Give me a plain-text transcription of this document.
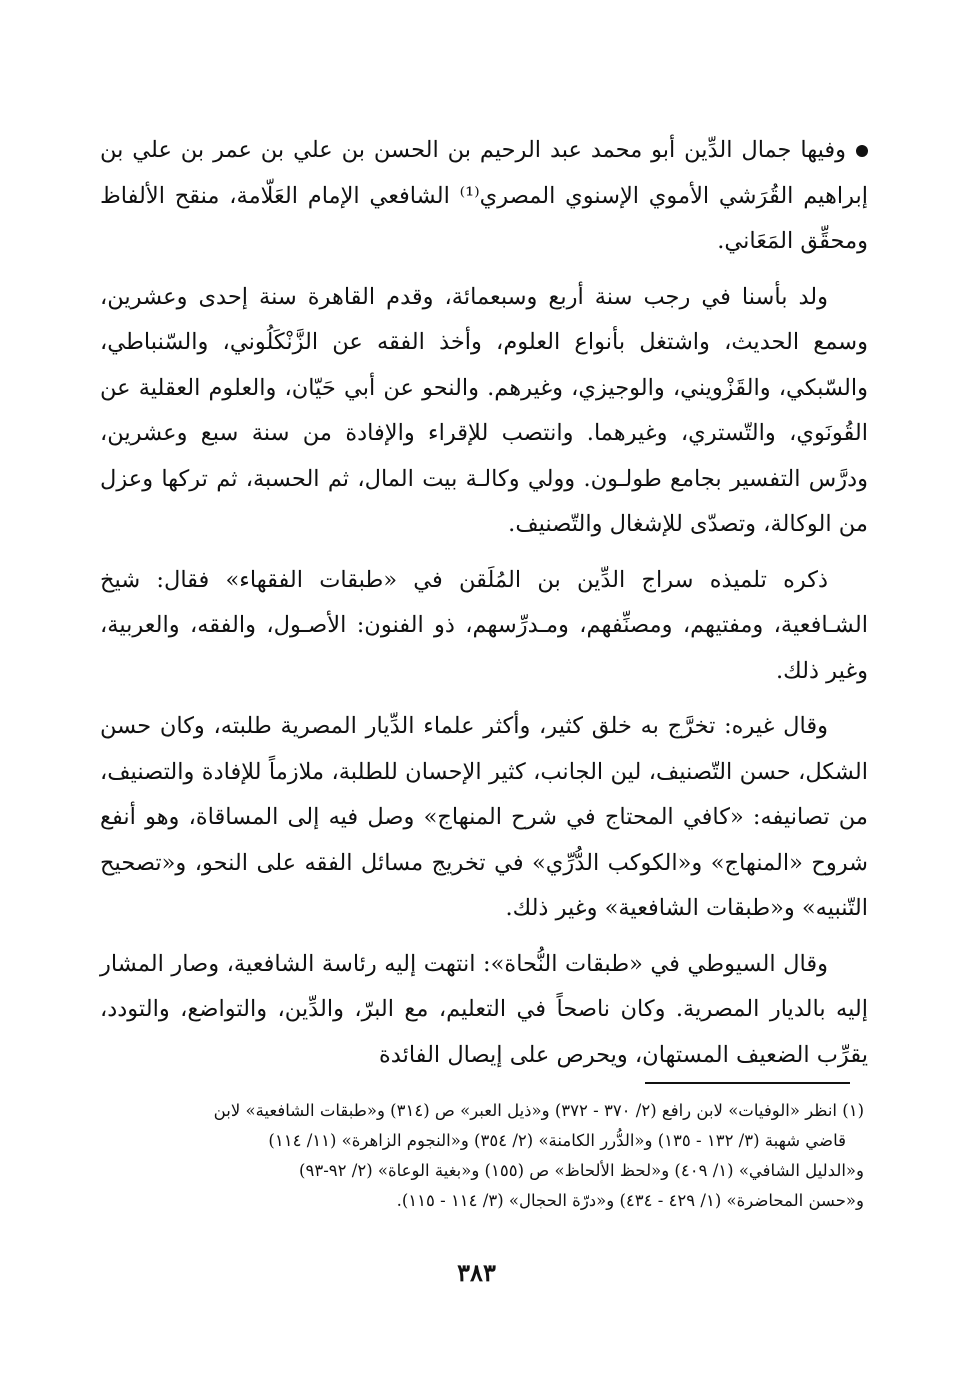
وفيها جمال الدِّين أبو محمد عبد الرحيم بن الحسن بن علي بن عمر بن علي بن إبراهيم القُرَشي الأموي الإسنوي المصري⁽¹⁾ الشافعي الإمام العَلّامة، منقح الألفاظ ومحقِّق المَعَاني.

ولد بأسنا في رجب سنة أربع وسبعمائة، وقدم القاهرة سنة إحدى وعشرين، وسمع الحديث، واشتغل بأنواع العلوم، وأخذ الفقه عن الزَّنْكَلُوني، والسّنباطي، والسّبكي، والقَزْويني، والوجيزي، وغيرهم. والنحو عن أبي حَيّان، والعلوم العقلية عن القُونَوي، والتّستري، وغيرهما. وانتصب للإقراء والإفادة من سنة سبع وعشرين، ودرَّس التفسير بجامع طولـون. وولي وكالـة بيت المال، ثم الحسبة، ثم تركها وعزل من الوكالة، وتصدّى للإشغال والتّصنيف.

ذكره تلميذه سراج الدِّين بن المُلَقن في «طبقات الفقهاء» فقال: شيخ الشـافعية، ومفتيهم، ومصنِّفهم، ومـدرِّسهم، ذو الفنون: الأصـول، والفقه، والعربية، وغير ذلك.

وقال غيره: تخرَّج به خلق كثير، وأكثر علماء الدِّيار المصرية طلبته، وكان حسن الشكل، حسن التّصنيف، لين الجانب، كثير الإحسان للطلبة، ملازماً للإفادة والتصنيف، من تصانيفه: «كافي المحتاج في شرح المنهاج» وصل فيه إلى المساقاة، وهو أنفع شروح «المنهاج» و«الكوكب الدُّرِّي» في تخريج مسائل الفقه على النحو، و«تصحيح التّنبيه» و«طبقات الشافعية» وغير ذلك.

وقال السيوطي في «طبقات النُّحاة»: انتهت إليه رئاسة الشافعية، وصار المشار إليه بالديار المصرية. وكان ناصحاً في التعليم، مع البرّ، والدِّين، والتواضع، والتودد، يقرِّب الضعيف المستهان، ويحرص على إيصال الفائدة

(١) انظر «الوفيات» لابن رافع (٢/ ٣٧٠ - ٣٧٢) و«ذيل العبر» ص (٣١٤) و«طبقات الشافعية» لابن
قاضي شهبة (٣/ ١٣٢ - ١٣٥) و«الدُّرر الكامنة» (٢/ ٣٥٤) و«النجوم الزاهرة» (١١/ ١١٤)
و«الدليل الشافي» (١/ ٤٠٩) و«لحظ الألحاظ» ص (١٥٥) و«بغية الوعاة» (٢/ ٩٢-٩٣)
و«حسن المحاضرة» (١/ ٤٢٩ - ٤٣٤) و«درّة الحجال» (٣/ ١١٤ - ١١٥).
٣٨٣
